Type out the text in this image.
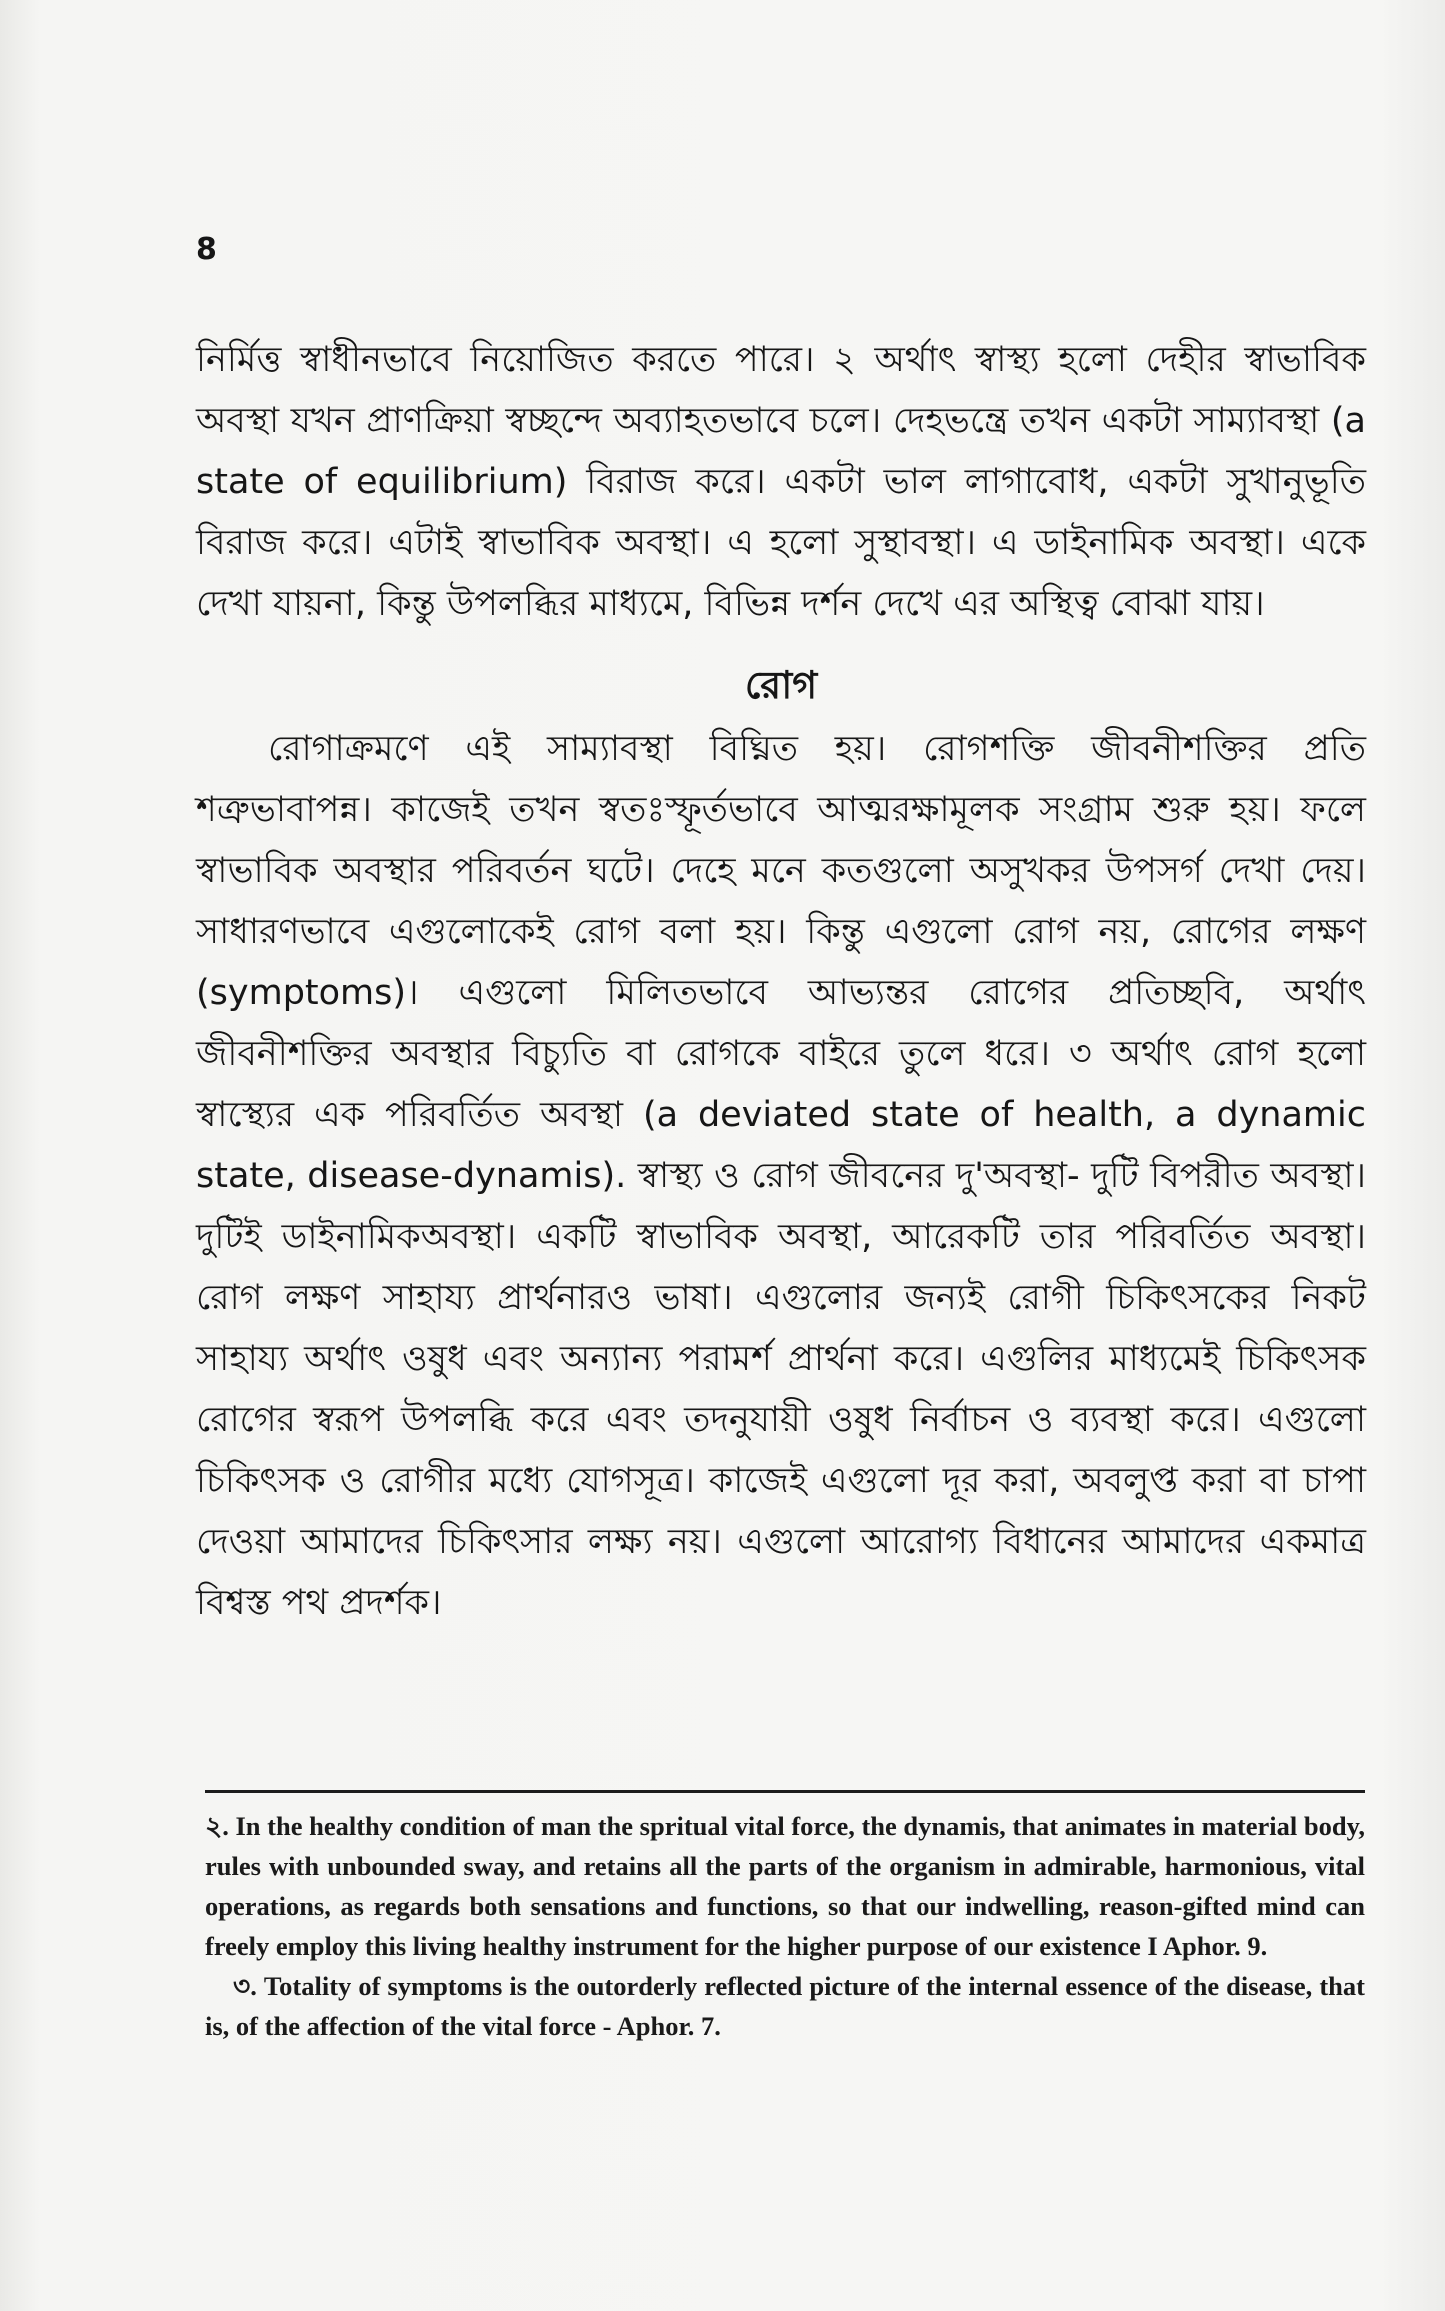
8

নির্মিত্ত স্বাধীনভাবে নিয়োজিত করতে পারে। ২ অর্থাৎ স্বাস্থ্য হলো দেহীর স্বাভাবিক অবস্থা যখন প্রাণক্রিয়া স্বচ্ছন্দে অব্যাহতভাবে চলে। দেহভন্ত্রে তখন একটা সাম্যাবস্থা (a state of equilibrium) বিরাজ করে। একটা ভাল লাগাবোধ, একটা সুখানুভূতি বিরাজ করে। এটাই স্বাভাবিক অবস্থা। এ হলো সুস্থাবস্থা। এ ডাইনামিক অবস্থা। একে দেখা যায়না, কিন্তু উপলব্ধির মাধ্যমে, বিভিন্ন দর্শন দেখে এর অস্থিত্ব বোঝা যায়।

রোগ

রোগাক্রমণে এই সাম্যাবস্থা বিঘ্নিত হয়। রোগশক্তি জীবনীশক্তির প্রতি শত্রুভাবাপন্ন। কাজেই তখন স্বতঃস্ফূর্তভাবে আত্মরক্ষামূলক সংগ্রাম শুরু হয়। ফলে স্বাভাবিক অবস্থার পরিবর্তন ঘটে। দেহে মনে কতগুলো অসুখকর উপসর্গ দেখা দেয়। সাধারণভাবে এগুলোকেই রোগ বলা হয়। কিন্তু এগুলো রোগ নয়, রোগের লক্ষণ (symptoms)। এগুলো মিলিতভাবে আভ্যন্তর রোগের প্রতিচ্ছবি, অর্থাৎ জীবনীশক্তির অবস্থার বিচ্যুতি বা রোগকে বাইরে তুলে ধরে। ৩ অর্থাৎ রোগ হলো স্বাস্থ্যের এক পরিবর্তিত অবস্থা (a deviated state of health, a dynamic state, disease-dynamis). স্বাস্থ্য ও রোগ জীবনের দু'অবস্থা- দুটি বিপরীত অবস্থা। দুটিই ডাইনামিকঅবস্থা। একটি স্বাভাবিক অবস্থা, আরেকটি তার পরিবর্তিত অবস্থা। রোগ লক্ষণ সাহায্য প্রার্থনারও ভাষা। এগুলোর জন্যই রোগী চিকিৎসকের নিকট সাহায্য অর্থাৎ ওষুধ এবং অন্যান্য পরামর্শ প্রার্থনা করে। এগুলির মাধ্যমেই চিকিৎসক রোগের স্বরূপ উপলব্ধি করে এবং তদনুযায়ী ওষুধ নির্বাচন ও ব্যবস্থা করে। এগুলো চিকিৎসক ও রোগীর মধ্যে যোগসূত্র। কাজেই এগুলো দূর করা, অবলুপ্ত করা বা চাপা দেওয়া আমাদের চিকিৎসার লক্ষ্য নয়। এগুলো আরোগ্য বিধানের আমাদের একমাত্র বিশ্বস্ত পথ প্রদর্শক।

২. In the healthy condition of man the spritual vital force, the dynamis, that animates in material body, rules with unbounded sway, and retains all the parts of the organism in admirable, harmonious, vital operations, as regards both sensations and functions, so that our indwelling, reason-gifted mind can freely employ this living healthy instrument for the higher purpose of our existence I Aphor. 9.

৩. Totality of symptoms is the outorderly reflected picture of the internal essence of the disease, that is, of the affection of the vital force - Aphor. 7.
